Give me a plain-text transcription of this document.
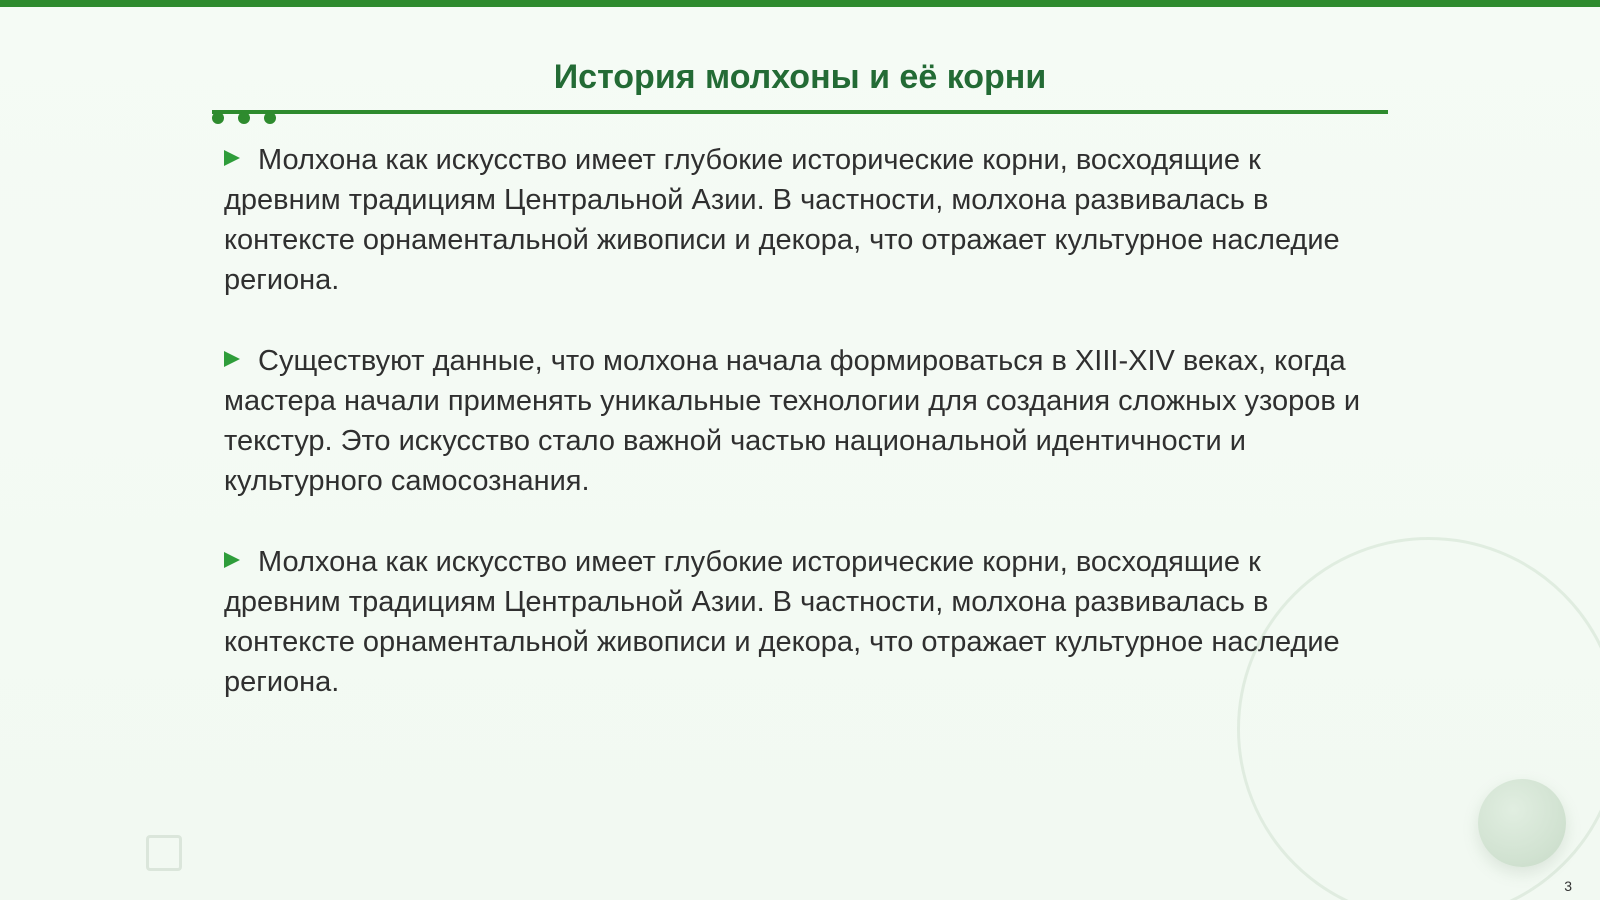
История молхоны и её корни
Молхона как искусство имеет глубокие исторические корни, восходящие к древним традициям Центральной Азии. В частности, молхона развивалась в контексте орнаментальной живописи и декора, что отражает культурное наследие региона.
Существуют данные, что молхона начала формироваться в XIII-XIV веках, когда мастера начали применять уникальные технологии для создания сложных узоров и текстур. Это искусство стало важной частью национальной идентичности и культурного самосознания.
Молхона как искусство имеет глубокие исторические корни, восходящие к древним традициям Центральной Азии. В частности, молхона развивалась в контексте орнаментальной живописи и декора, что отражает культурное наследие региона.
3
